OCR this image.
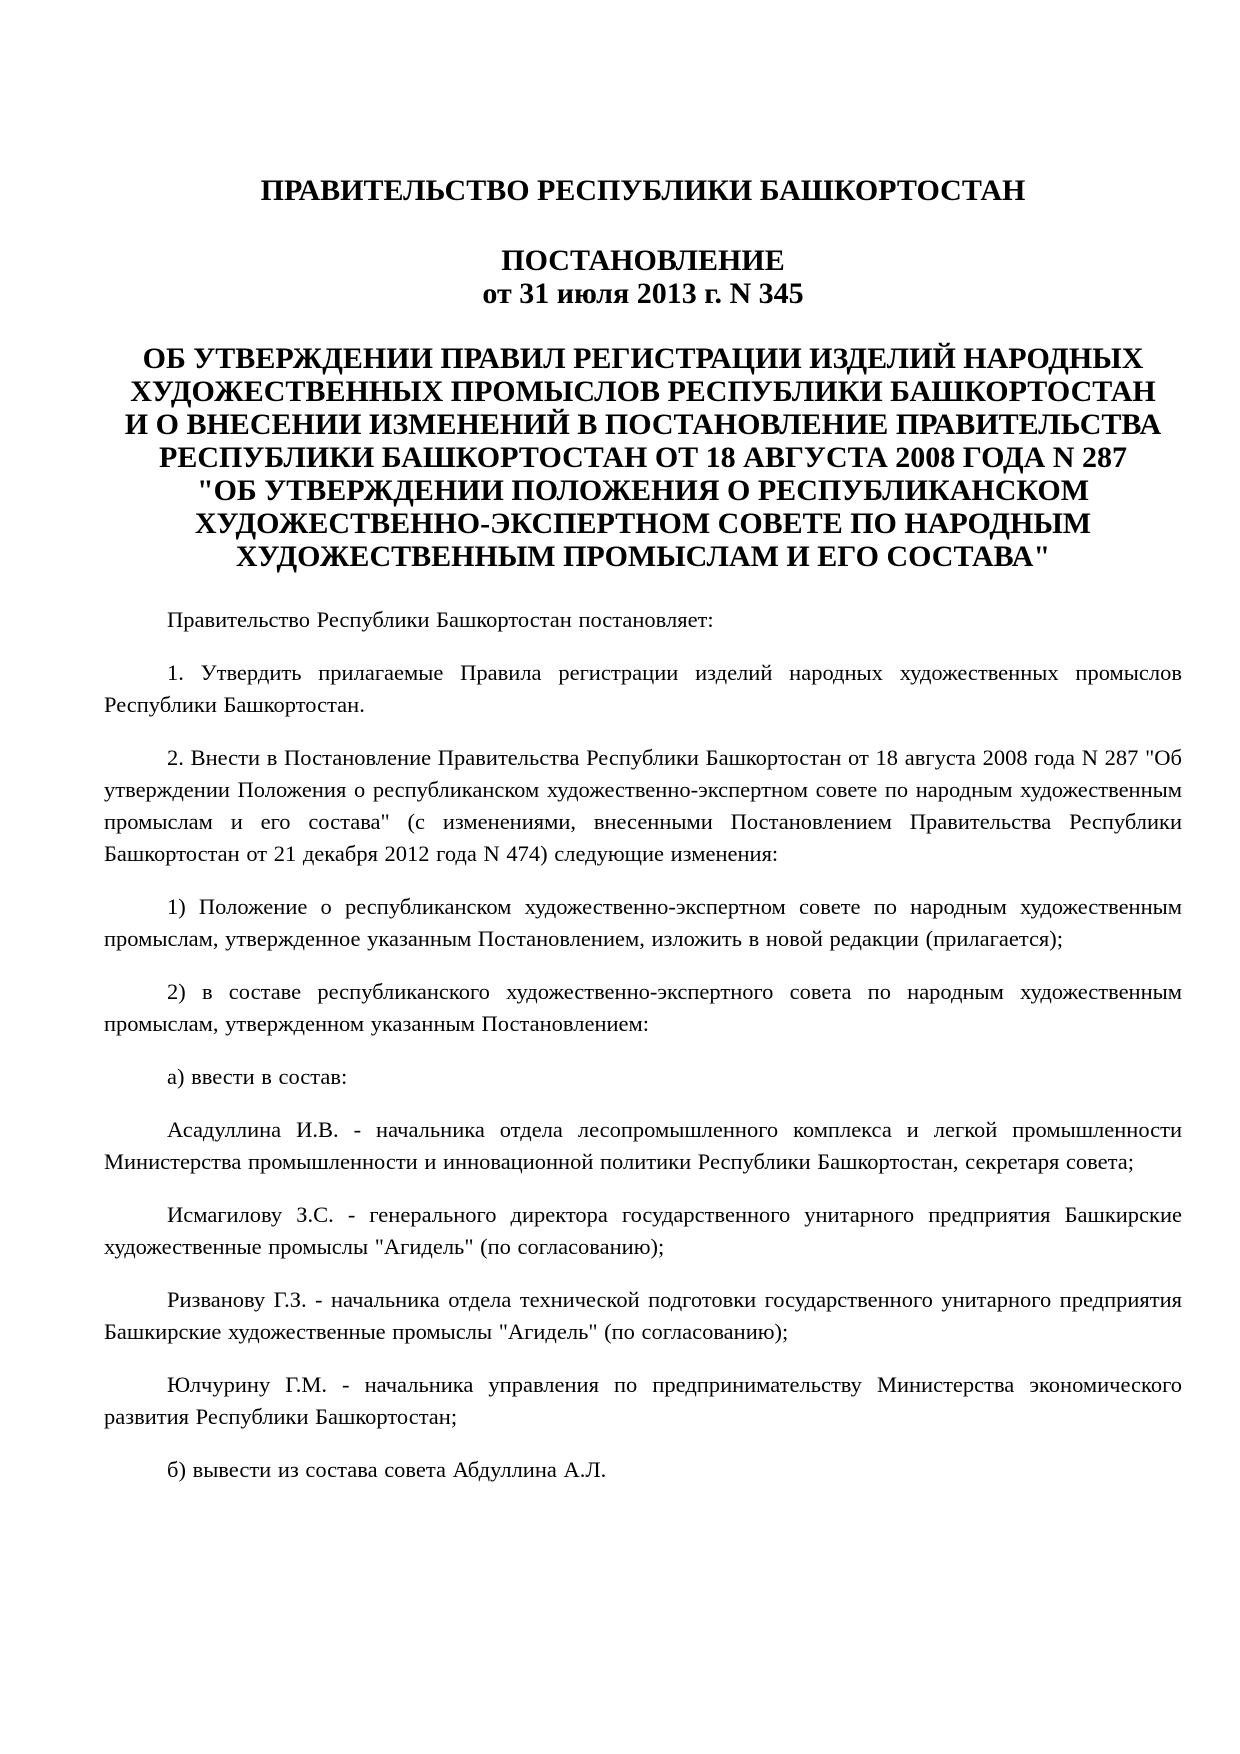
ПРАВИТЕЛЬСТВО РЕСПУБЛИКИ БАШКОРТОСТАН
ПОСТАНОВЛЕНИЕ
от 31 июля 2013 г. N 345
ОБ УТВЕРЖДЕНИИ ПРАВИЛ РЕГИСТРАЦИИ ИЗДЕЛИЙ НАРОДНЫХ
ХУДОЖЕСТВЕННЫХ ПРОМЫСЛОВ РЕСПУБЛИКИ БАШКОРТОСТАН
И О ВНЕСЕНИИ ИЗМЕНЕНИЙ В ПОСТАНОВЛЕНИЕ ПРАВИТЕЛЬСТВА
РЕСПУБЛИКИ БАШКОРТОСТАН ОТ 18 АВГУСТА 2008 ГОДА N 287
"ОБ УТВЕРЖДЕНИИ ПОЛОЖЕНИЯ О РЕСПУБЛИКАНСКОМ
ХУДОЖЕСТВЕННО-ЭКСПЕРТНОМ СОВЕТЕ ПО НАРОДНЫМ
ХУДОЖЕСТВЕННЫМ ПРОМЫСЛАМ И ЕГО СОСТАВА"

Правительство Республики Башкортостан постановляет:

1. Утвердить прилагаемые Правила регистрации изделий народных художественных промыслов Республики Башкортостан.

2. Внести в Постановление Правительства Республики Башкортостан от 18 августа 2008 года N 287 "Об утверждении Положения о республиканском художественно-экспертном совете по народным художественным промыслам и его состава" (с изменениями, внесенными Постановлением Правительства Республики Башкортостан от 21 декабря 2012 года N 474) следующие изменения:

1) Положение о республиканском художественно-экспертном совете по народным художественным промыслам, утвержденное указанным Постановлением, изложить в новой редакции (прилагается);

2) в составе республиканского художественно-экспертного совета по народным художественным промыслам, утвержденном указанным Постановлением:

а) ввести в состав:

Асадуллина И.В. - начальника отдела лесопромышленного комплекса и легкой промышленности Министерства промышленности и инновационной политики Республики Башкортостан, секретаря совета;

Исмагилову З.С. - генерального директора государственного унитарного предприятия Башкирские художественные промыслы "Агидель" (по согласованию);

Ризванову Г.З. - начальника отдела технической подготовки государственного унитарного предприятия Башкирские художественные промыслы "Агидель" (по согласованию);

Юлчурину Г.М. - начальника управления по предпринимательству Министерства экономического развития Республики Башкортостан;

б) вывести из состава совета Абдуллина А.Л.
